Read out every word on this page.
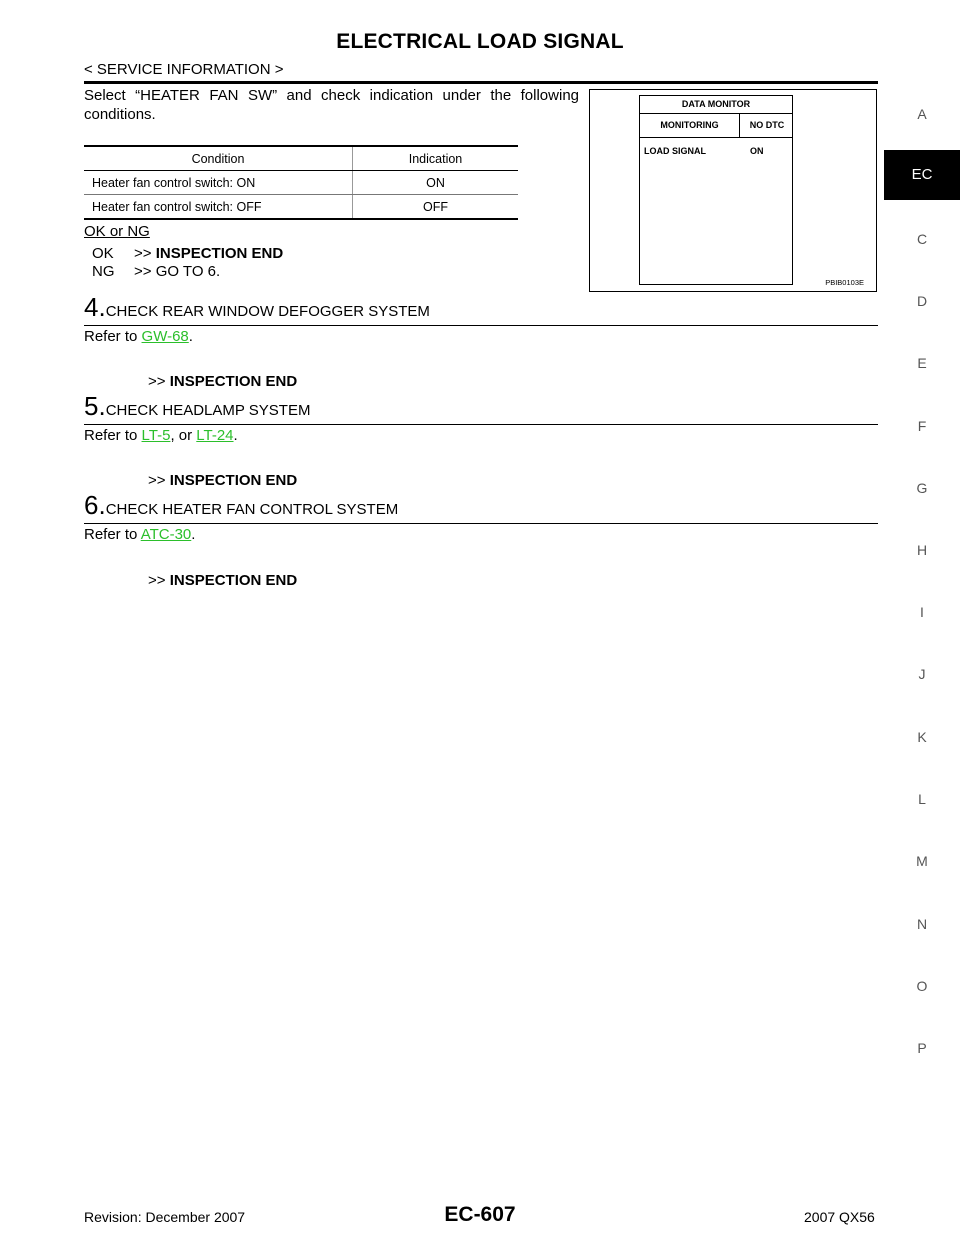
ELECTRICAL LOAD SIGNAL
< SERVICE INFORMATION >
A
EC
C
D
E
F
G
H
I
J
K
L
M
N
O
P
Select “HEATER FAN SW” and check indication under the following conditions.
Condition	Indication
Heater fan control switch: ON	ON
Heater fan control switch: OFF	OFF
OK or NG
OK >> INSPECTION END
NG >> GO TO 6.
DATA MONITOR
MONITORING	NO DTC
LOAD SIGNAL	ON
PBIB0103E
4.CHECK REAR WINDOW DEFOGGER SYSTEM
Refer to GW-68.
>> INSPECTION END
5.CHECK HEADLAMP SYSTEM
Refer to LT-5, or LT-24.
>> INSPECTION END
6.CHECK HEATER FAN CONTROL SYSTEM
Refer to ATC-30.
>> INSPECTION END
Revision: December 2007	EC-607	2007 QX56
